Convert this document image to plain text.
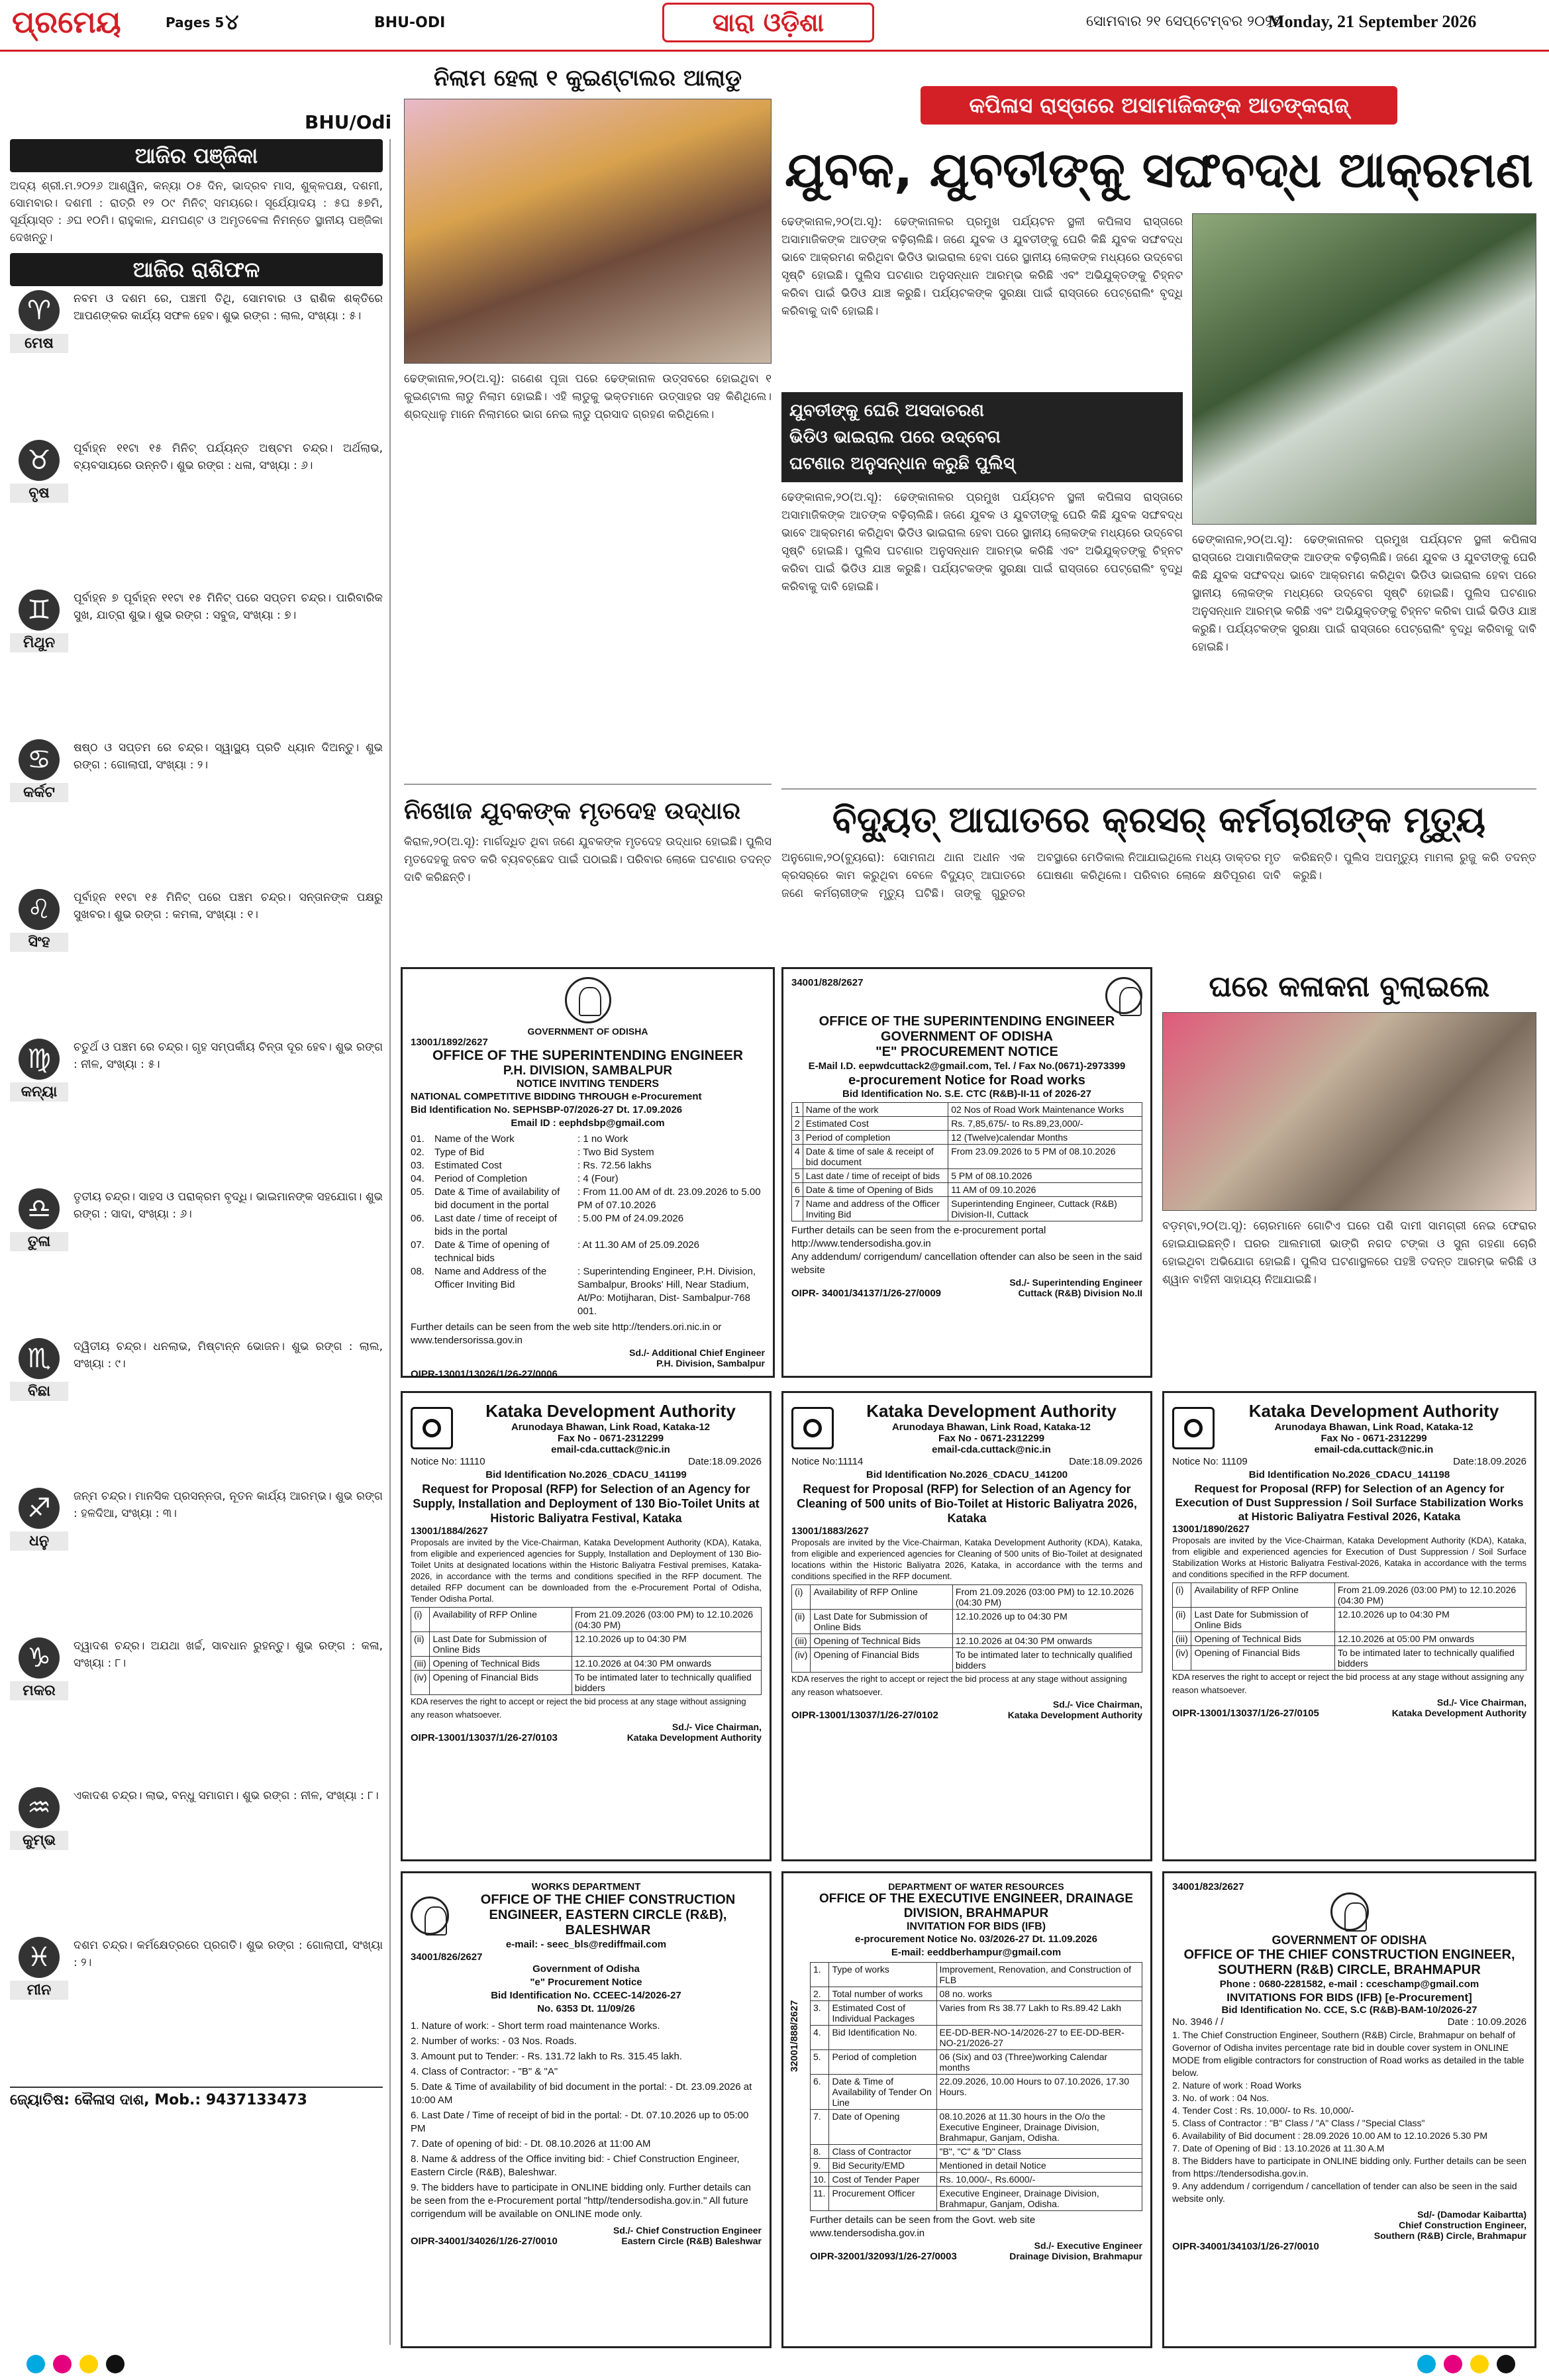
ପ୍ରମେୟ	Pages 5 ୪	BHU-ODI	ସାରା ଓଡ଼ିଶା	ସୋମବାର ୨୧ ସେପ୍ଟେମ୍ବର ୨୦୨୬
Monday, 21 September 2026
BHU/Odi
ଆଜିର ପଞ୍ଜିକା
ଅଦ୍ୟ ଶ୍ରୀ.ମ.୨୦୨୬ ଆଶ୍ୱିନ, କନ୍ୟା ୦୫ ଦିନ, ଭାଦ୍ରବ ମାସ, ଶୁକ୍ଳପକ୍ଷ, ଦଶମୀ, ସୋମବାର। ଦଶମୀ : ରାତ୍ରି ୧୨ ୦୯ ମିନିଟ୍ ସମୟରେ। ସୂର୍ଯ୍ୟୋଦୟ : ୫ଘ ୫୭ମି, ସୂର୍ଯ୍ୟାସ୍ତ : ୬ଘ ୧୦ମି। ରାହୁକାଳ, ଯମଘଣ୍ଟ ଓ ଅମୃତବେଳା ନିମନ୍ତେ ସ୍ଥାନୀୟ ପଞ୍ଜିକା ଦେଖନ୍ତୁ।
ଆଜିର ରାଶିଫଳ
♈
ମେଷ
ନବମ ଓ ଦଶମ ରେ, ପଞ୍ଚମୀ ତିଥି, ସୋମବାର ଓ ରାଶିକ ଶକ୍ତିରେ ଆପଣଙ୍କର କାର୍ଯ୍ୟ ସଫଳ ହେବ। ଶୁଭ ରଙ୍ଗ : ଲାଲ, ସଂଖ୍ୟା : ୫।
♉
ବୃଷ
ପୂର୍ବାହ୍ନ ୧୧ଟା ୧୫ ମିନିଟ୍ ପର୍ଯ୍ୟନ୍ତ ଅଷ୍ଟମ ଚନ୍ଦ୍ର। ଅର୍ଥଲାଭ, ବ୍ୟବସାୟରେ ଉନ୍ନତି। ଶୁଭ ରଙ୍ଗ : ଧଳା, ସଂଖ୍ୟା : ୬।
♊
ମିଥୁନ
ପୂର୍ବାହ୍ନ ୭ ପୂର୍ବାହ୍ନ ୧୧ଟା ୧୫ ମିନିଟ୍ ପରେ ସପ୍ତମ ଚନ୍ଦ୍ର। ପାରିବାରିକ ସୁଖ, ଯାତ୍ରା ଶୁଭ। ଶୁଭ ରଙ୍ଗ : ସବୁଜ, ସଂଖ୍ୟା : ୭।
♋
କର୍କଟ
ଷଷ୍ଠ ଓ ସପ୍ତମ ରେ ଚନ୍ଦ୍ର। ସ୍ୱାସ୍ଥ୍ୟ ପ୍ରତି ଧ୍ୟାନ ଦିଅନ୍ତୁ। ଶୁଭ ରଙ୍ଗ : ଗୋଲାପୀ, ସଂଖ୍ୟା : ୨।
♌
ସିଂହ
ପୂର୍ବାହ୍ନ ୧୧ଟା ୧୫ ମିନିଟ୍ ପରେ ପଞ୍ଚମ ଚନ୍ଦ୍ର। ସନ୍ତାନଙ୍କ ପକ୍ଷରୁ ସୁଖବର। ଶୁଭ ରଙ୍ଗ : କମଳା, ସଂଖ୍ୟା : ୧।
♍
କନ୍ୟା
ଚତୁର୍ଥ ଓ ପଞ୍ଚମ ରେ ଚନ୍ଦ୍ର। ଗୃହ ସମ୍ପର୍କୀୟ ଚିନ୍ତା ଦୂର ହେବ। ଶୁଭ ରଙ୍ଗ : ନୀଳ, ସଂଖ୍ୟା : ୫।
♎
ତୁଳା
ତୃତୀୟ ଚନ୍ଦ୍ର। ସାହସ ଓ ପରାକ୍ରମ ବୃଦ୍ଧି। ଭାଇମାନଙ୍କ ସହଯୋଗ। ଶୁଭ ରଙ୍ଗ : ସାଦା, ସଂଖ୍ୟା : ୬।
♏
ବିଛା
ଦ୍ୱିତୀୟ ଚନ୍ଦ୍ର। ଧନଲାଭ, ମିଷ୍ଟାନ୍ନ ଭୋଜନ। ଶୁଭ ରଙ୍ଗ : ଲାଲ, ସଂଖ୍ୟା : ୯।
♐
ଧନୁ
ଜନ୍ମ ଚନ୍ଦ୍ର। ମାନସିକ ପ୍ରସନ୍ନତା, ନୂତନ କାର୍ଯ୍ୟ ଆରମ୍ଭ। ଶୁଭ ରଙ୍ଗ : ହଳଦିଆ, ସଂଖ୍ୟା : ୩।
♑
ମକର
ଦ୍ୱାଦଶ ଚନ୍ଦ୍ର। ଅଯଥା ଖର୍ଚ୍ଚ, ସାବଧାନ ରୁହନ୍ତୁ। ଶୁଭ ରଙ୍ଗ : କଳା, ସଂଖ୍ୟା : ୮।
♒
କୁମ୍ଭ
ଏକାଦଶ ଚନ୍ଦ୍ର। ଲାଭ, ବନ୍ଧୁ ସମାଗମ। ଶୁଭ ରଙ୍ଗ : ନୀଳ, ସଂଖ୍ୟା : ୮।
♓
ମୀନ
ଦଶମ ଚନ୍ଦ୍ର। କର୍ମକ୍ଷେତ୍ରରେ ପ୍ରଗତି। ଶୁଭ ରଙ୍ଗ : ଗୋଲାପୀ, ସଂଖ୍ୟା : ୨।
ଜ୍ୟୋତିଷ: କୈଳାସ ଦାଶ, Mob.: 9437133473
ନିଲାମ ହେଲା ୧ କୁଇଣ୍ଟାଲର ଆଲାଡୁ
ଢେଙ୍କାନାଳ,୨୦(ଅ.ସୂ): ଗଣେଶ ପୂଜା ପରେ ଢେଙ୍କାନାଳ ଉତ୍ସବରେ ହୋଇଥିବା ୧ କୁଇଣ୍ଟାଲ ଲାଡୁ ନିଲାମ ହୋଇଛି। ଏହି ଲାଡୁକୁ ଭକ୍ତମାନେ ଉତ୍ସାହର ସହ କିଣିଥିଲେ। ଶ୍ରଦ୍ଧାଳୁ ମାନେ ନିଲାମରେ ଭାଗ ନେଇ ଲାଡୁ ପ୍ରସାଦ ଗ୍ରହଣ କରିଥିଲେ।
ନିଖୋଜ ଯୁବକଙ୍କ ମୃତଦେହ ଉଦ୍ଧାର
କିରାଳ,୨୦(ଅ.ସୂ): ମାର୍ଗଦ୍ଧିତ ଥିବା ଜଣେ ଯୁବକଙ୍କ ମୃତଦେହ ଉଦ୍ଧାର ହୋଇଛି। ପୁଲିସ ମୃତଦେହକୁ ଜବତ କରି ବ୍ୟବଚ୍ଛେଦ ପାଇଁ ପଠାଇଛି। ପରିବାର ଲୋକେ ଘଟଣାର ତଦନ୍ତ ଦାବି କରିଛନ୍ତି।
କପିଳାସ ରାସ୍ତାରେ ଅସାମାଜିକଙ୍କ ଆତଙ୍କରାଜ୍
ଯୁବକ, ଯୁବତୀଙ୍କୁ ସଙ୍ଘବଦ୍ଧ ଆକ୍ରମଣ
ଢେଙ୍କାନାଳ,୨୦(ଅ.ସୂ): ଢେଙ୍କାନାଳର ପ୍ରମୁଖ ପର୍ଯ୍ୟଟନ ସ୍ଥଳୀ କପିଳାସ ରାସ୍ତାରେ ଅସାମାଜିକଙ୍କ ଆତଙ୍କ ବଢ଼ିଚାଲିଛି। ଜଣେ ଯୁବକ ଓ ଯୁବତୀଙ୍କୁ ଘେରି କିଛି ଯୁବକ ସଙ୍ଘବଦ୍ଧ ଭାବେ ଆକ୍ରମଣ କରିଥିବା ଭିଡିଓ ଭାଇରାଲ ହେବା ପରେ ସ୍ଥାନୀୟ ଲୋକଙ୍କ ମଧ୍ୟରେ ଉଦ୍‌ବେଗ ସୃଷ୍ଟି ହୋଇଛି। ପୁଲିସ ଘଟଣାର ଅନୁସନ୍ଧାନ ଆରମ୍ଭ କରିଛି ଏବଂ ଅଭିଯୁକ୍ତଙ୍କୁ ଚିହ୍ନଟ କରିବା ପାଇଁ ଭିଡିଓ ଯାଞ୍ଚ କରୁଛି। ପର୍ଯ୍ୟଟକଙ୍କ ସୁରକ୍ଷା ପାଇଁ ରାସ୍ତାରେ ପେଟ୍ରୋଲିଂ ବୃଦ୍ଧି କରିବାକୁ ଦାବି ହୋଇଛି।
ଯୁବତୀଙ୍କୁ ଘେରି ଅସଦାଚରଣ
ଭିଡିଓ ଭାଇରାଲ ପରେ ଉଦ୍‌ବେଗ
ଘଟଣାର ଅନୁସନ୍ଧାନ କରୁଛି ପୁଲିସ୍
ଢେଙ୍କାନାଳ,୨୦(ଅ.ସୂ): ଢେଙ୍କାନାଳର ପ୍ରମୁଖ ପର୍ଯ୍ୟଟନ ସ୍ଥଳୀ କପିଳାସ ରାସ୍ତାରେ ଅସାମାଜିକଙ୍କ ଆତଙ୍କ ବଢ଼ିଚାଲିଛି। ଜଣେ ଯୁବକ ଓ ଯୁବତୀଙ୍କୁ ଘେରି କିଛି ଯୁବକ ସଙ୍ଘବଦ୍ଧ ଭାବେ ଆକ୍ରମଣ କରିଥିବା ଭିଡିଓ ଭାଇରାଲ ହେବା ପରେ ସ୍ଥାନୀୟ ଲୋକଙ୍କ ମଧ୍ୟରେ ଉଦ୍‌ବେଗ ସୃଷ୍ଟି ହୋଇଛି। ପୁଲିସ ଘଟଣାର ଅନୁସନ୍ଧାନ ଆରମ୍ଭ କରିଛି ଏବଂ ଅଭିଯୁକ୍ତଙ୍କୁ ଚିହ୍ନଟ କରିବା ପାଇଁ ଭିଡିଓ ଯାଞ୍ଚ କରୁଛି। ପର୍ଯ୍ୟଟକଙ୍କ ସୁରକ୍ଷା ପାଇଁ ରାସ୍ତାରେ ପେଟ୍ରୋଲିଂ ବୃଦ୍ଧି କରିବାକୁ ଦାବି ହୋଇଛି।
ଢେଙ୍କାନାଳ,୨୦(ଅ.ସୂ): ଢେଙ୍କାନାଳର ପ୍ରମୁଖ ପର୍ଯ୍ୟଟନ ସ୍ଥଳୀ କପିଳାସ ରାସ୍ତାରେ ଅସାମାଜିକଙ୍କ ଆତଙ୍କ ବଢ଼ିଚାଲିଛି। ଜଣେ ଯୁବକ ଓ ଯୁବତୀଙ୍କୁ ଘେରି କିଛି ଯୁବକ ସଙ୍ଘବଦ୍ଧ ଭାବେ ଆକ୍ରମଣ କରିଥିବା ଭିଡିଓ ଭାଇରାଲ ହେବା ପରେ ସ୍ଥାନୀୟ ଲୋକଙ୍କ ମଧ୍ୟରେ ଉଦ୍‌ବେଗ ସୃଷ୍ଟି ହୋଇଛି। ପୁଲିସ ଘଟଣାର ଅନୁସନ୍ଧାନ ଆରମ୍ଭ କରିଛି ଏବଂ ଅଭିଯୁକ୍ତଙ୍କୁ ଚିହ୍ନଟ କରିବା ପାଇଁ ଭିଡିଓ ଯାଞ୍ଚ କରୁଛି। ପର୍ଯ୍ୟଟକଙ୍କ ସୁରକ୍ଷା ପାଇଁ ରାସ୍ତାରେ ପେଟ୍ରୋଲିଂ ବୃଦ୍ଧି କରିବାକୁ ଦାବି ହୋଇଛି।
ବିଦ୍ୟୁତ୍ ଆଘାତରେ କ୍ରସର୍ କର୍ମଚାରୀଙ୍କ ମୃତ୍ୟୁ
ଅନୁଗୋଳ,୨୦(ବ୍ୟୁରୋ): ସୋମନାଥ ଥାନା ଅଧୀନ ଏକ କ୍ରସର୍‌ରେ କାମ କରୁଥିବା ବେଳେ ବିଦ୍ୟୁତ୍ ଆଘାତରେ ଜଣେ କର୍ମଚାରୀଙ୍କ ମୃତ୍ୟୁ ଘଟିଛି। ତାଙ୍କୁ ଗୁରୁତର ଅବସ୍ଥାରେ ମେଡିକାଲ ନିଆଯାଇଥିଲେ ମଧ୍ୟ ଡାକ୍ତର ମୃତ ଘୋଷଣା କରିଥିଲେ। ପରିବାର ଲୋକେ କ୍ଷତିପୂରଣ ଦାବି କରିଛନ୍ତି। ପୁଲିସ ଅପମୃତ୍ୟୁ ମାମଲା ରୁଜୁ କରି ତଦନ୍ତ କରୁଛି।
GOVERNMENT OF ODISHA
13001/1892/2627
OFFICE OF THE SUPERINTENDING ENGINEER
P.H. DIVISION, SAMBALPUR
NOTICE INVITING TENDERS
NATIONAL COMPETITIVE BIDDING THROUGH e-Procurement
Bid Identification No. SEPHSBP-07/2026-27 Dt. 17.09.2026
Email ID : eephdsbp@gmail.com
01.	Name of the Work	: 1 no Work
02.	Type of Bid	: Two Bid System
03.	Estimated Cost	: Rs. 72.56 lakhs
04.	Period of Completion	: 4 (Four)
05.	Date & Time of availability of bid document in the portal
: From 11.00 AM of dt. 23.09.2026 to 5.00 PM of 07.10.2026
06.	Last date / time of receipt of bids in the portal
: 5.00 PM of 24.09.2026
07.	Date & Time of opening of technical bids
: At 11.30 AM of 25.09.2026
08.	Name and Address of the Officer Inviting Bid
: Superintending Engineer, P.H. Division, Sambalpur, Brooks' Hill, Near Stadium, At/Po: Motijharan, Dist- Sambalpur-768 001.
Further details can be seen from the web site http://tenders.ori.nic.in or www.tendersorissa.gov.in
Sd./- Additional Chief Engineer
P.H. Division, Sambalpur
OIPR-13001/13026/1/26-27/0006
34001/828/2627
OFFICE OF THE SUPERINTENDING ENGINEER
GOVERNMENT OF ODISHA
"E" PROCUREMENT NOTICE
E-Mail I.D. eepwdcuttack2@gmail.com, Tel. / Fax No.(0671)-2973399
e-procurement Notice for Road works
Bid Identification No. S.E. CTC (R&B)-II-11 of 2026-27
1	Name of the work	02 Nos of Road Work Maintenance Works
2	Estimated Cost	Rs. 7,85,675/- to Rs.89,23,000/-
3	Period of completion	12 (Twelve)calendar Months
4	Date & time of sale & receipt of bid document	From 23.09.2026 to 5 PM of 08.10.2026
5	Last date / time of receipt of bids	5 PM of 08.10.2026
6	Date & time of Opening of Bids	11 AM of 09.10.2026
7	Name and address of the Officer Inviting Bid	Superintending Engineer, Cuttack (R&B) Division-II, Cuttack
Further details can be seen from the e-procurement portal http://www.tendersodisha.gov.in
Any addendum/ corrigendum/ cancellation oftender can also be seen in the said website
Sd./- Superintending Engineer
OIPR- 34001/34137/1/26-27/0009	Cuttack (R&B) Division No.II
ଘରେ କଳାକନା ବୁଲାଇଲେ
ବଡ଼ମ୍ବା,୨୦(ଅ.ସୂ): ଚୋରମାନେ ଗୋଟିଏ ଘରେ ପଶି ଦାମୀ ସାମଗ୍ରୀ ନେଇ ଫେରାର ହୋଇଯାଇଛନ୍ତି। ଘରର ଆଲମାରୀ ଭାଙ୍ଗି ନଗଦ ଟଙ୍କା ଓ ସୁନା ଗହଣା ଚୋରି ହୋଇଥିବା ଅଭିଯୋଗ ହୋଇଛି। ପୁଲିସ ଘଟଣାସ୍ଥଳରେ ପହଞ୍ଚି ତଦନ୍ତ ଆରମ୍ଭ କରିଛି ଓ ଶ୍ୱାନ ବାହିନୀ ସାହାଯ୍ୟ ନିଆଯାଇଛି।
Kataka Development Authority
Arunodaya Bhawan, Link Road, Kataka-12
Fax No - 0671-2312299
email-cda.cuttack@nic.in
Notice No: 11110	Date:18.09.2026
Bid Identification No.2026_CDACU_141199
Request for Proposal (RFP) for Selection of an Agency for Supply, Installation and Deployment of 130 Bio-Toilet Units at Historic Baliyatra Festival, Kataka
13001/1884/2627
Proposals are invited by the Vice-Chairman, Kataka Development Authority (KDA), Kataka, from eligible and experienced agencies for Supply, Installation and Deployment of 130 Bio-Toilet Units at designated locations within the Historic Baliyatra Festival premises, Kataka-2026, in accordance with the terms and conditions specified in the RFP document. The detailed RFP document can be downloaded from the e-Procurement Portal of Odisha, Tender Odisha Portal.
(i)	Availability of RFP Online	From 21.09.2026 (03:00 PM) to 12.10.2026 (04:30 PM)
(ii)	Last Date for Submission of Online Bids	12.10.2026 up to 04:30 PM
(iii)	Opening of Technical Bids	12.10.2026 at 04:30 PM onwards
(iv)	Opening of Financial Bids	To be intimated later to technically qualified bidders
KDA reserves the right to accept or reject the bid process at any stage without assigning any reason whatsoever.
Sd./- Vice Chairman,
OIPR-13001/13037/1/26-27/0103	Kataka Development Authority
Kataka Development Authority
Arunodaya Bhawan, Link Road, Kataka-12
Fax No - 0671-2312299
email-cda.cuttack@nic.in
Notice No:11114	Date:18.09.2026
Bid Identification No.2026_CDACU_141200
Request for Proposal (RFP) for Selection of an Agency for Cleaning of 500 units of Bio-Toilet at Historic Baliyatra 2026, Kataka
13001/1883/2627
Proposals are invited by the Vice-Chairman, Kataka Development Authority (KDA), Kataka, from eligible and experienced agencies for Cleaning of 500 units of Bio-Toilet at designated locations within the Historic Baliyatra 2026, Kataka, in accordance with the terms and conditions specified in the RFP document.
(i)	Availability of RFP Online	From 21.09.2026 (03:00 PM) to 12.10.2026 (04:30 PM)
(ii)	Last Date for Submission of Online Bids	12.10.2026 up to 04:30 PM
(iii)	Opening of Technical Bids	12.10.2026 at 04:30 PM onwards
(iv)	Opening of Financial Bids	To be intimated later to technically qualified bidders
KDA reserves the right to accept or reject the bid process at any stage without assigning any reason whatsoever.
Sd./- Vice Chairman,
OIPR-13001/13037/1/26-27/0102	Kataka Development Authority
Kataka Development Authority
Arunodaya Bhawan, Link Road, Kataka-12
Fax No - 0671-2312299
email-cda.cuttack@nic.in
Notice No: 11109	Date:18.09.2026
Bid Identification No.2026_CDACU_141198
Request for Proposal (RFP) for Selection of an Agency for Execution of Dust Suppression / Soil Surface Stabilization Works at Historic Baliyatra Festival 2026, Kataka
13001/1890/2627
Proposals are invited by the Vice-Chairman, Kataka Development Authority (KDA), Kataka, from eligible and experienced agencies for Execution of Dust Suppression / Soil Surface Stabilization Works at Historic Baliyatra Festival-2026, Kataka in accordance with the terms and conditions specified in the RFP document.
(i)	Availability of RFP Online	From 21.09.2026 (03:00 PM) to 12.10.2026 (04:30 PM)
(ii)	Last Date for Submission of Online Bids	12.10.2026 up to 04:30 PM
(iii)	Opening of Technical Bids	12.10.2026 at 05:00 PM onwards
(iv)	Opening of Financial Bids	To be intimated later to technically qualified bidders
KDA reserves the right to accept or reject the bid process at any stage without assigning any reason whatsoever.
Sd./- Vice Chairman,
OIPR-13001/13037/1/26-27/0105	Kataka Development Authority
WORKS DEPARTMENT
OFFICE OF THE CHIEF CONSTRUCTION ENGINEER, EASTERN CIRCLE (R&B), BALESHWAR
e-mail: - seec_bls@rediffmail.com
34001/826/2627
Government of Odisha
"e" Procurement Notice
Bid Identification No. CCEEC-14/2026-27
No. 6353 Dt. 11/09/26
1. Nature of work: - Short term road maintenance Works.
2. Number of works: - 03 Nos. Roads.
3. Amount put to Tender: - Rs. 131.72 lakh to Rs. 315.45 lakh.
4. Class of Contractor: - "B" & "A"
5. Date & Time of availability of bid document in the portal: - Dt. 23.09.2026 at 10:00 AM
6. Last Date / Time of receipt of bid in the portal: - Dt. 07.10.2026 up to 05:00 PM
7. Date of opening of bid: - Dt. 08.10.2026 at 11:00 AM
8. Name & address of the Office inviting bid: - Chief Construction Engineer, Eastern Circle (R&B), Baleshwar.
9. The bidders have to participate in ONLINE bidding only. Further details can be seen from the e-Procurement portal "http//tendersodisha.gov.in." All future corrigendum will be available on ONLINE mode only.
Sd./- Chief Construction Engineer
OIPR-34001/34026/1/26-27/0010	Eastern Circle (R&B) Baleshwar
32001/888/2627
DEPARTMENT OF WATER RESOURCES
OFFICE OF THE EXECUTIVE ENGINEER, DRAINAGE DIVISION, BRAHMAPUR
INVITATION FOR BIDS (IFB)
e-procurement Notice No. 03/2026-27 Dt. 11.09.2026
E-mail: eeddberhampur@gmail.com
1.	Type of works	Improvement, Renovation, and Construction of FLB
2.	Total number of works	08 no. works
3.	Estimated Cost of Individual Packages	Varies from Rs 38.77 Lakh to Rs.89.42 Lakh
4.	Bid Identification No.	EE-DD-BER-NO-14/2026-27 to EE-DD-BER-NO-21/2026-27
5.	Period of completion	06 (Six) and 03 (Three)working Calendar months
6.	Date & Time of Availability of Tender On Line	22.09.2026, 10.00 Hours to 07.10.2026, 17.30 Hours.
7.	Date of Opening	08.10.2026 at 11.30 hours in the O/o the Executive Engineer, Drainage Division, Brahmapur, Ganjam, Odisha.
8.	Class of Contractor	"B", "C" & "D" Class
9.	Bid Security/EMD	Mentioned in detail Notice
10.	Cost of Tender Paper	Rs. 10,000/-, Rs.6000/-
11.	Procurement Officer	Executive Engineer, Drainage Division, Brahmapur, Ganjam, Odisha.
Further details can be seen from the Govt. web site www.tendersodisha.gov.in
Sd./- Executive Engineer
OIPR-32001/32093/1/26-27/0003	Drainage Division, Brahmapur
34001/823/2627
GOVERNMENT OF ODISHA
OFFICE OF THE CHIEF CONSTRUCTION ENGINEER, SOUTHERN (R&B) CIRCLE, BRAHMAPUR
Phone : 0680-2281582, e-mail : cceschamp@gmail.com
INVITATIONS FOR BIDS (IFB) [e-Procurement]
Bid Identification No. CCE, S.C (R&B)-BAM-10/2026-27
No. 3946 / /	Date : 10.09.2026
1. The Chief Construction Engineer, Southern (R&B) Circle, Brahmapur on behalf of Governor of Odisha invites percentage rate bid in double cover system in ONLINE MODE from eligible contractors for construction of Road works as detailed in the table below.
2. Nature of work : Road Works
3. No. of work : 04 Nos.
4. Tender Cost : Rs. 10,000/- to Rs. 10,000/-
5. Class of Contractor : "B" Class / "A" Class / "Special Class"
6. Availability of Bid document : 28.09.2026 10.00 AM to 12.10.2026 5.30 PM
7. Date of Opening of Bid : 13.10.2026 at 11.30 A.M
8. The Bidders have to participate in ONLINE bidding only. Further details can be seen from https://tendersodisha.gov.in.
9. Any addendum / corrigendum / cancellation of tender can also be seen in the said website only.
Sd/- (Damodar Kaibartta)
Chief Construction Engineer,
Southern (R&B) Circle, Brahmapur
OIPR-34001/34103/1/26-27/0010
